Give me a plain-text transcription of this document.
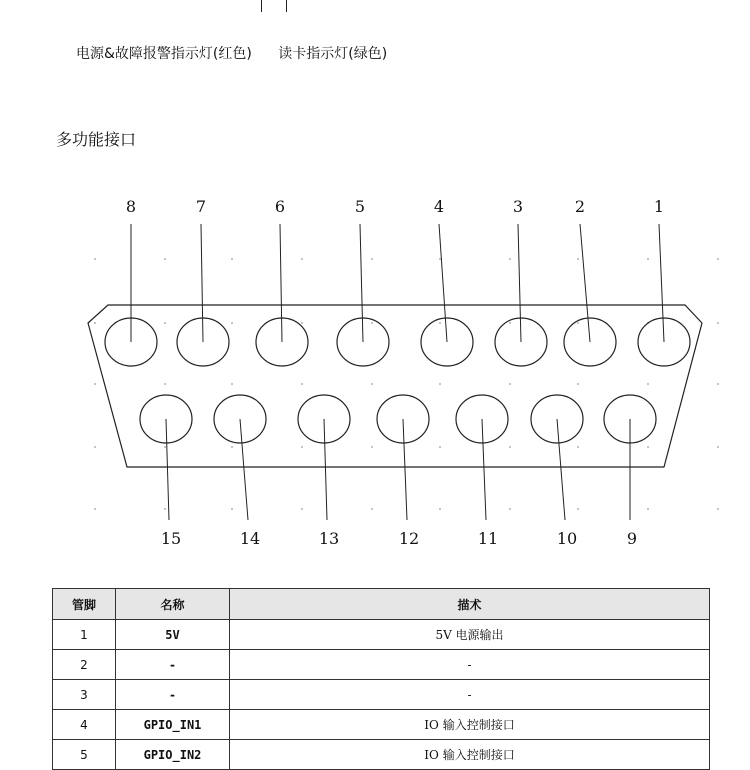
电源&故障报警指示灯(红色) 读卡指示灯(绿色)
多功能接口
8	7	6	5	4	3	2	1
15	14	13	12	11	10	9
管脚	名称	描术
1	5V	5V 电源输出
2	-	-
3	-	-
4	GPIO_IN1	IO 输入控制接口
5	GPIO_IN2	IO 输入控制接口
